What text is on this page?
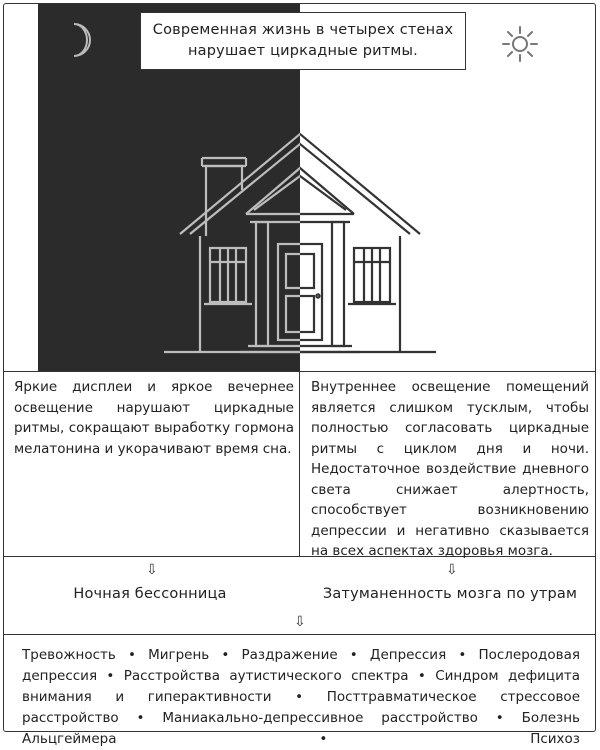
Современная жизнь в четырех стенах нарушает циркадные ритмы.
Яркие дисплеи и яркое вечернее освещение нарушают циркадные ритмы, сокращают выработку гормона мелатонина и укорачивают время сна.
Внутреннее освещение помещений является слишком тусклым, чтобы полностью согласовать циркадные ритмы с циклом дня и ночи. Недостаточное воздействие дневного света снижает алертность, способствует возникновению депрессии и негативно сказывается на всех аспектах здоровья мозга.
⇩	⇩
⇩
Ночная бессонница	Затуманенность мозга по утрам
Тревожность • Мигрень • Раздражение • Депрессия • Послеродовая депрессия • Расстройства аутистического спектра • Синдром дефицита внимания и гиперактивности • Посттравматическое стрессовое расстройство • Маниакально-депрессивное расстройство • Болезнь Альцгеймера • Психоз
